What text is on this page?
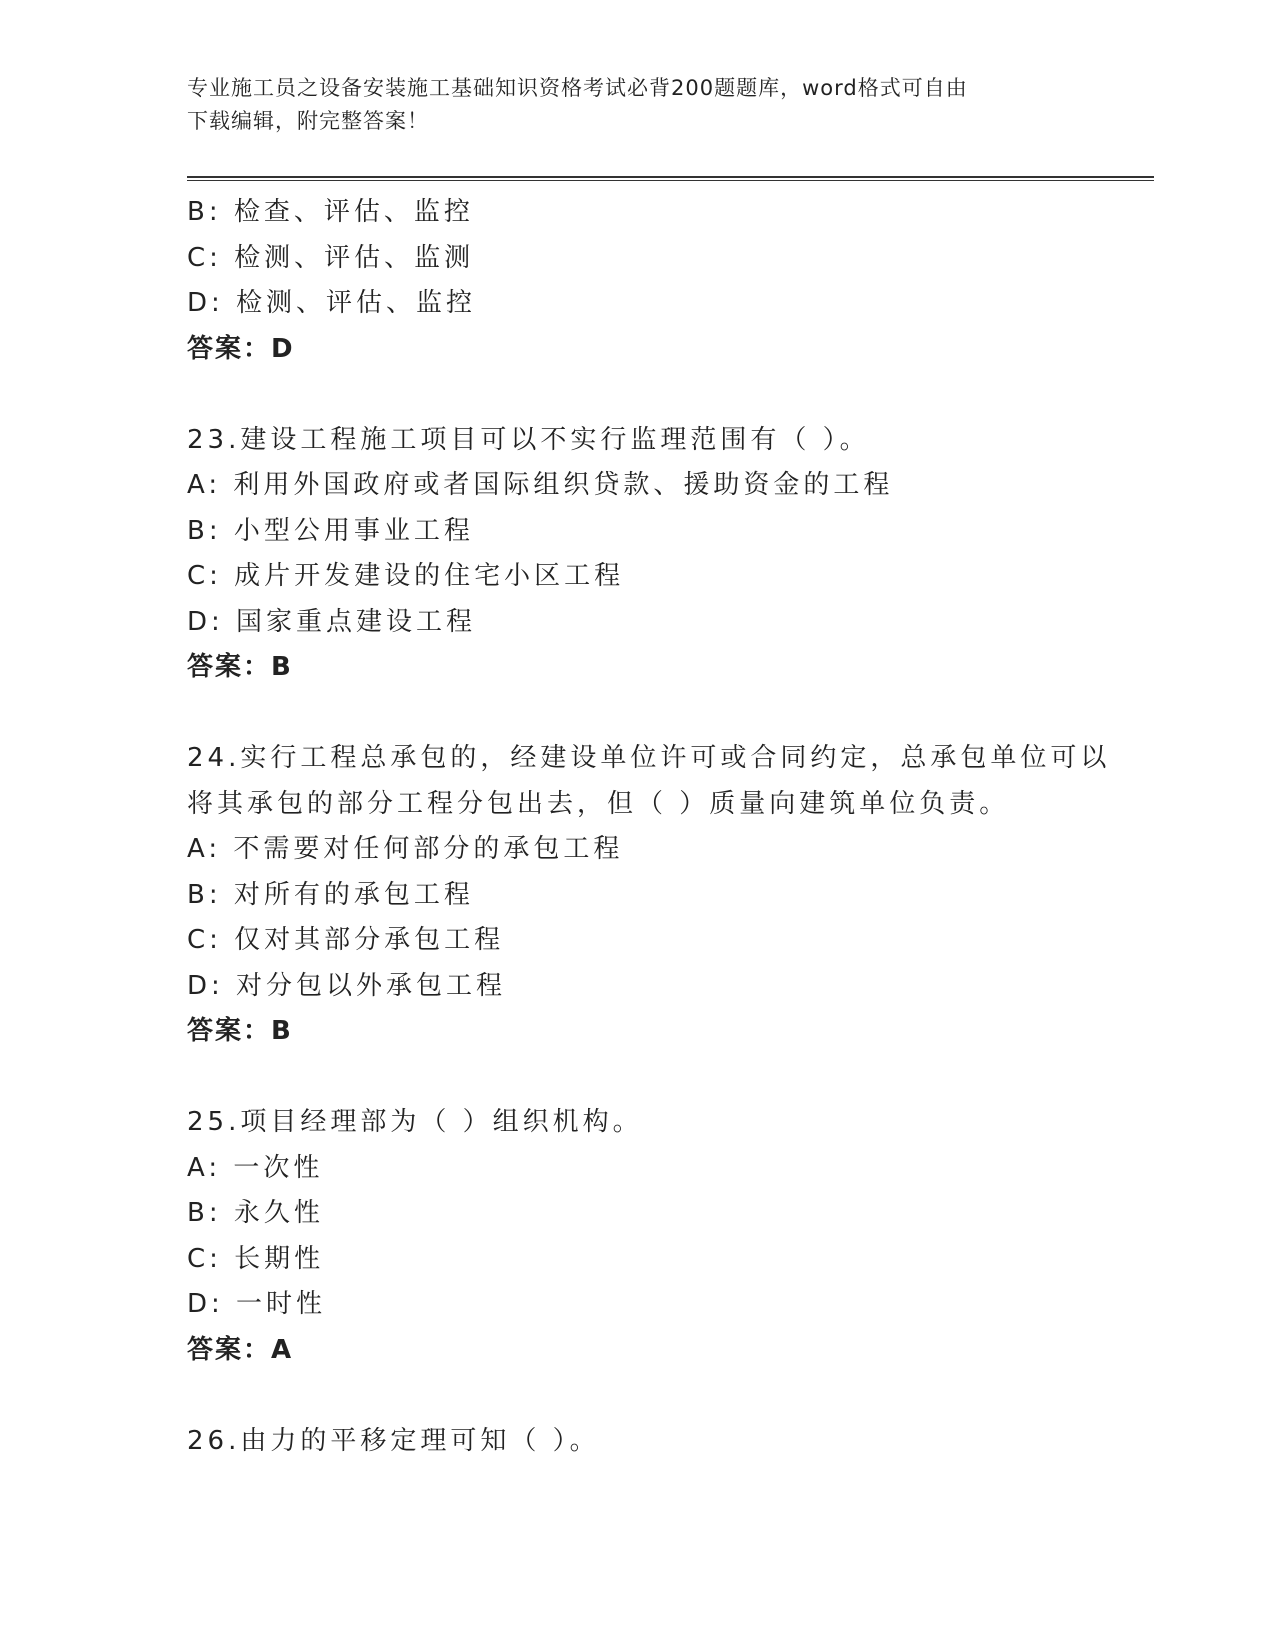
专业施工员之设备安装施工基础知识资格考试必背200题题库，word格式可自由
下载编辑，附完整答案！
B: 检查、评估、监控
C: 检测、评估、监测
D: 检测、评估、监控
答案：D
23.建设工程施工项目可以不实行监理范围有（ ）。
A: 利用外国政府或者国际组织贷款、援助资金的工程
B: 小型公用事业工程
C: 成片开发建设的住宅小区工程
D: 国家重点建设工程
答案：B
24.实行工程总承包的，经建设单位许可或合同约定，总承包单位可以
将其承包的部分工程分包出去，但（ ）质量向建筑单位负责。
A: 不需要对任何部分的承包工程
B: 对所有的承包工程
C: 仅对其部分承包工程
D: 对分包以外承包工程
答案：B
25.项目经理部为（ ）组织机构。
A: 一次性
B: 永久性
C: 长期性
D: 一时性
答案：A
26.由力的平移定理可知（ ）。
